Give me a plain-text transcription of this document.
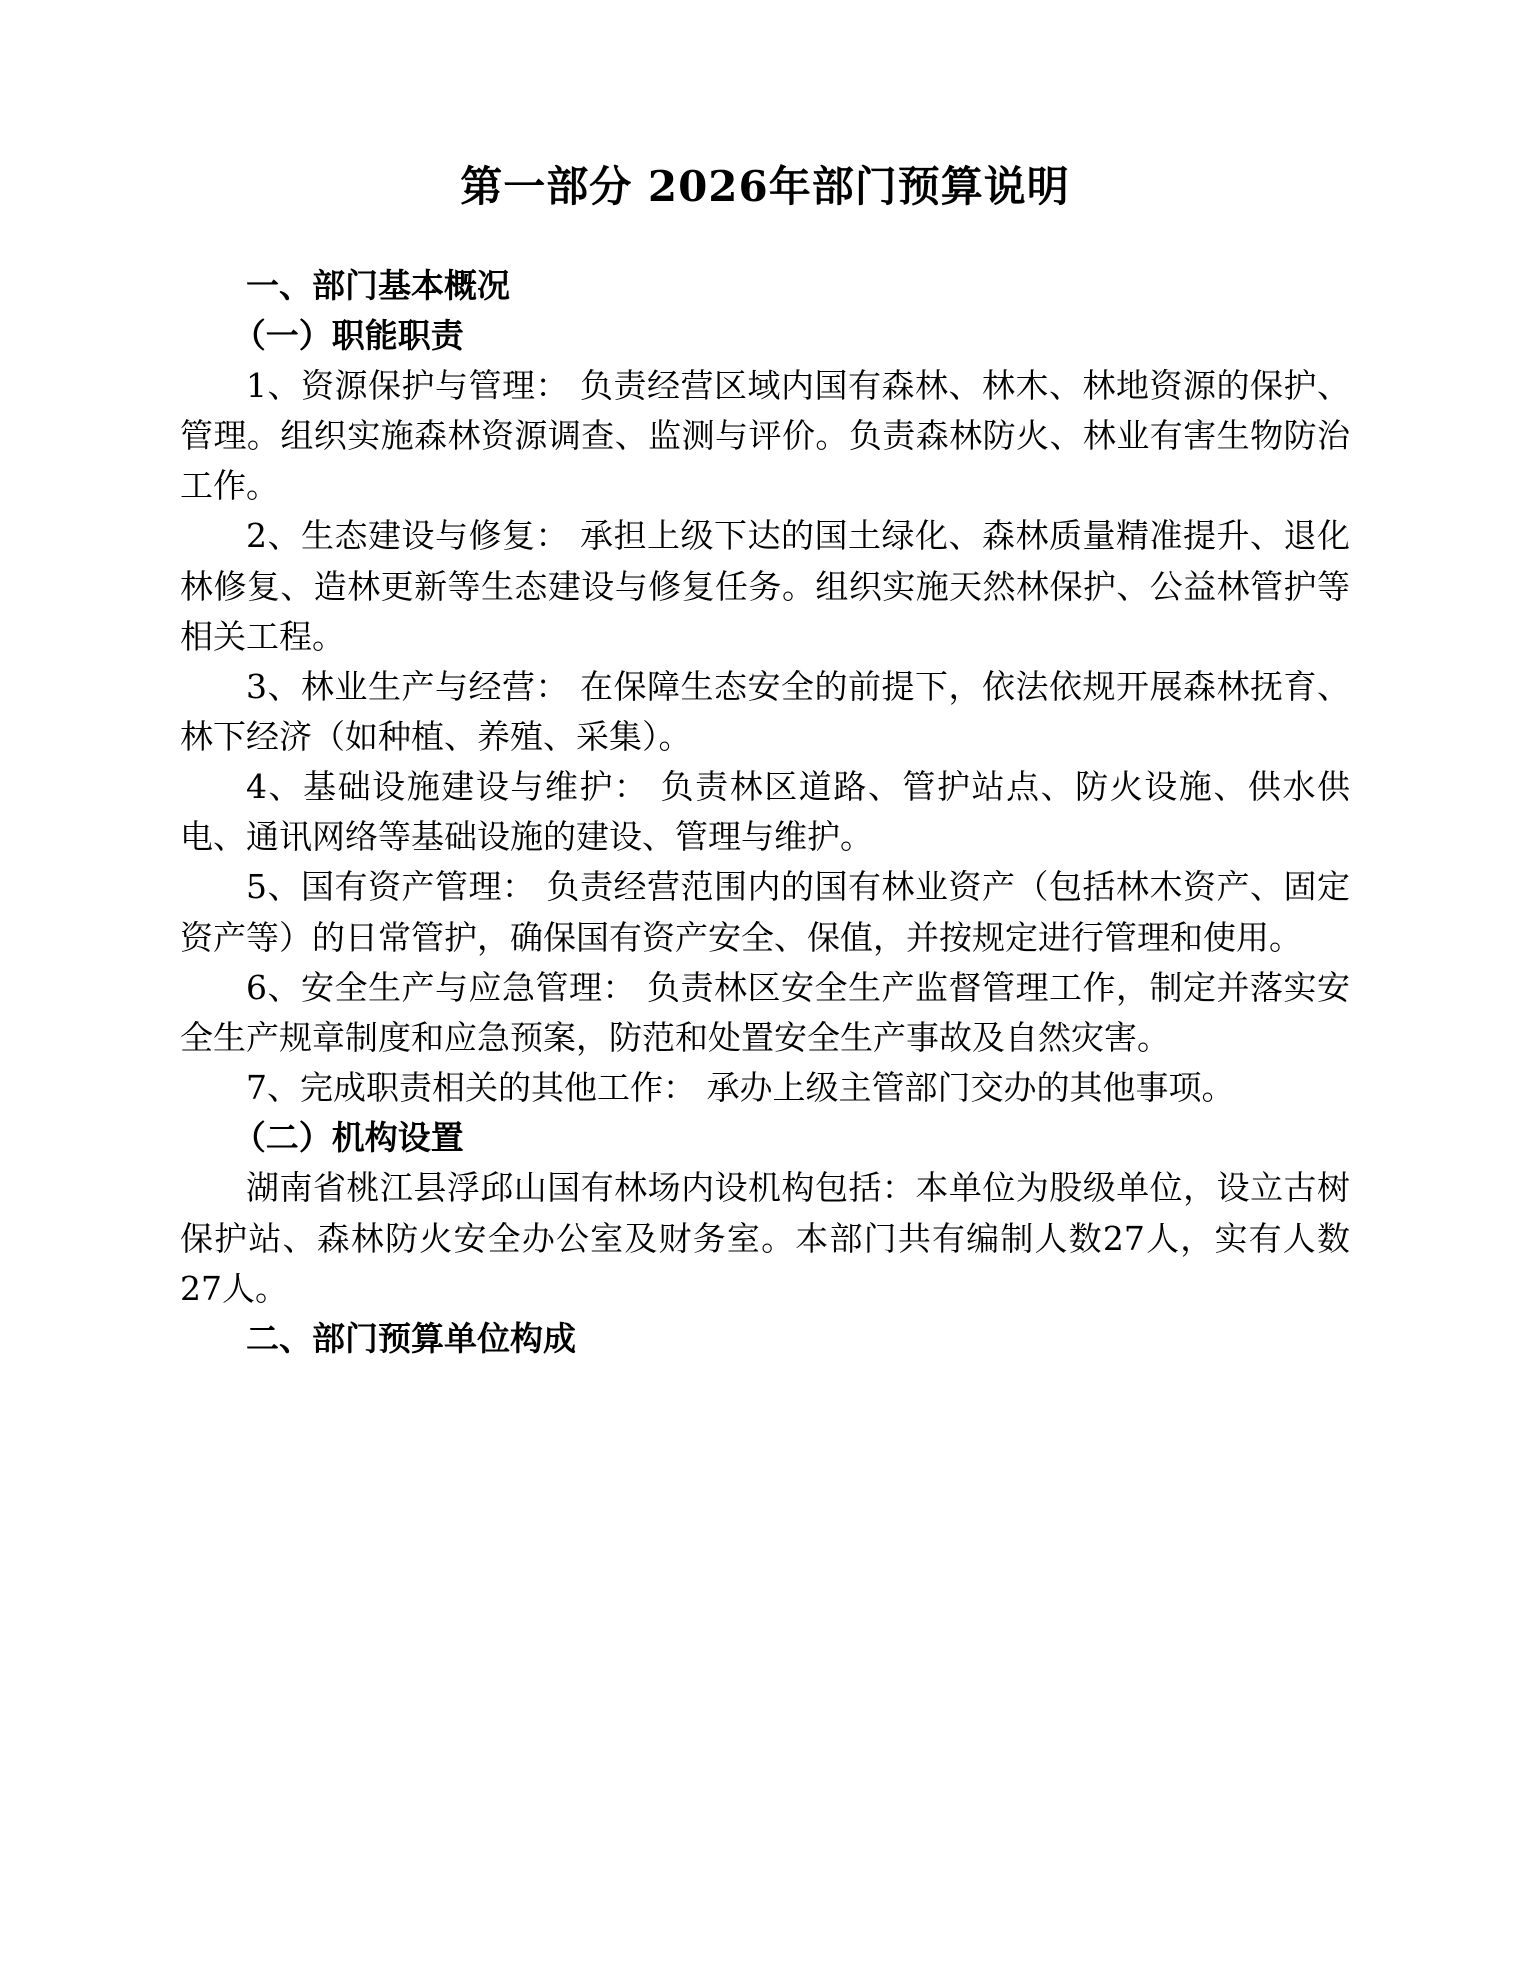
第一部分 2026年部门预算说明
一、部门基本概况
（一）职能职责

1、资源保护与管理： 负责经营区域内国有森林、林木、林地资源的保护、管理。组织实施森林资源调查、监测与评价。负责森林防火、林业有害生物防治工作。

2、生态建设与修复： 承担上级下达的国土绿化、森林质量精准提升、退化林修复、造林更新等生态建设与修复任务。组织实施天然林保护、公益林管护等相关工程。

3、林业生产与经营： 在保障生态安全的前提下，依法依规开展森林抚育、林下经济（如种植、养殖、采集）。

4、基础设施建设与维护： 负责林区道路、管护站点、防火设施、供水供电、通讯网络等基础设施的建设、管理与维护。

5、国有资产管理： 负责经营范围内的国有林业资产（包括林木资产、固定资产等）的日常管护，确保国有资产安全、保值，并按规定进行管理和使用。

6、安全生产与应急管理： 负责林区安全生产监督管理工作，制定并落实安全生产规章制度和应急预案，防范和处置安全生产事故及自然灾害。

7、完成职责相关的其他工作： 承办上级主管部门交办的其他事项。

（二）机构设置

湖南省桃江县浮邱山国有林场内设机构包括：本单位为股级单位，设立古树保护站、森林防火安全办公室及财务室。本部门共有编制人数27人，实有人数27人。

二、部门预算单位构成
